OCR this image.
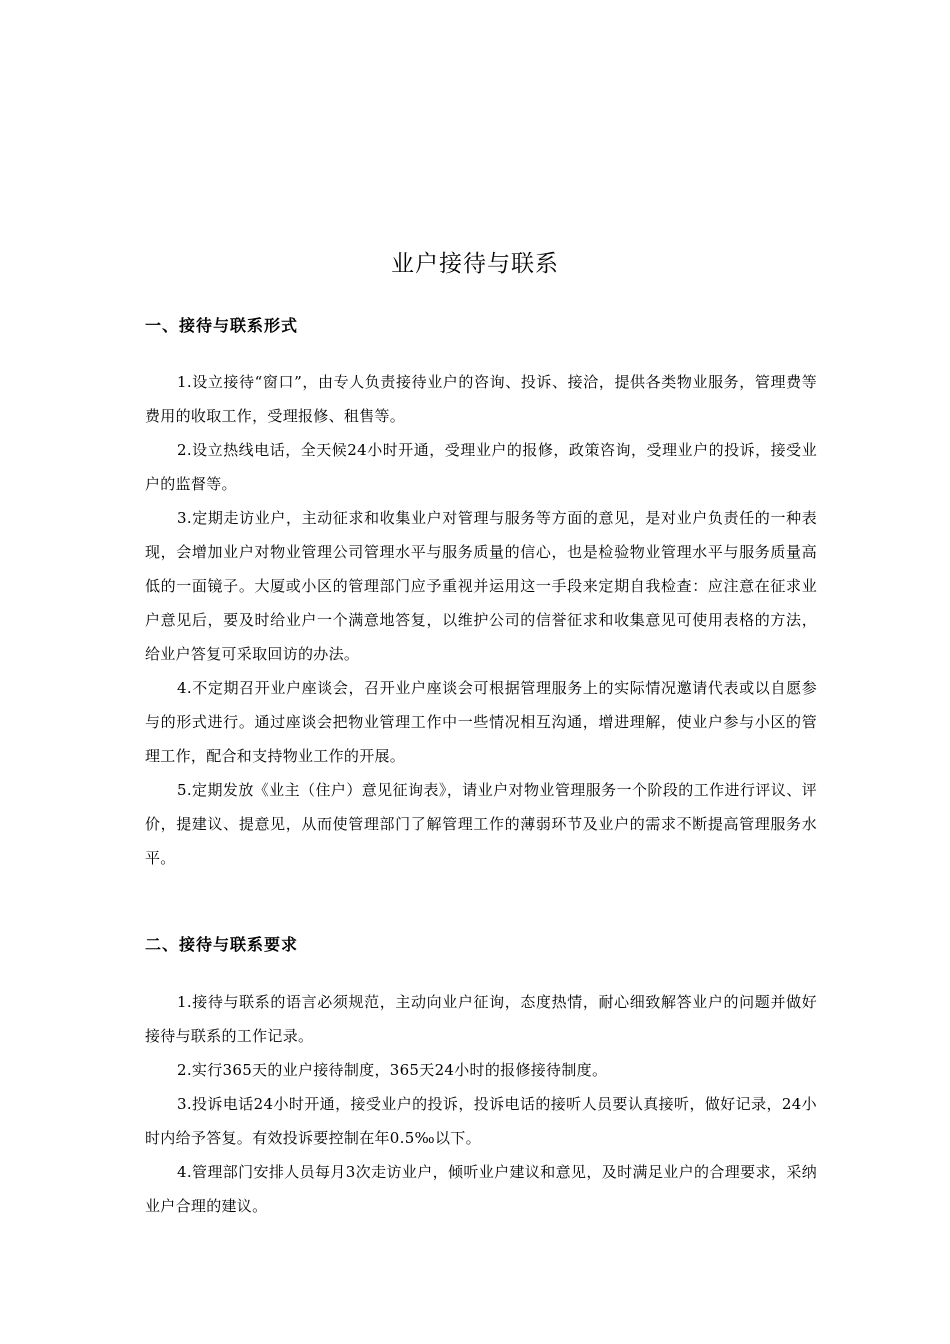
业户接待与联系
一、接待与联系形式

1.设立接待“窗口”，由专人负责接待业户的咨询、投诉、接洽，提供各类物业服务，管理费等费用的收取工作，受理报修、租售等。

2.设立热线电话，全天候24小时开通，受理业户的报修，政策咨询，受理业户的投诉，接受业户的监督等。

3.定期走访业户，主动征求和收集业户对管理与服务等方面的意见，是对业户负责任的一种表现，会增加业户对物业管理公司管理水平与服务质量的信心，也是检验物业管理水平与服务质量高低的一面镜子。大厦或小区的管理部门应予重视并运用这一手段来定期自我检查：应注意在征求业户意见后，要及时给业户一个满意地答复，以维护公司的信誉征求和收集意见可使用表格的方法，给业户答复可采取回访的办法。

4.不定期召开业户座谈会，召开业户座谈会可根据管理服务上的实际情况邀请代表或以自愿参与的形式进行。通过座谈会把物业管理工作中一些情况相互沟通，增进理解，使业户参与小区的管理工作，配合和支持物业工作的开展。

5.定期发放《业主（住户）意见征询表》，请业户对物业管理服务一个阶段的工作进行评议、评价，提建议、提意见，从而使管理部门了解管理工作的薄弱环节及业户的需求不断提高管理服务水平。

二、接待与联系要求

1.接待与联系的语言必须规范，主动向业户征询，态度热情，耐心细致解答业户的问题并做好接待与联系的工作记录。

2.实行365天的业户接待制度，365天24小时的报修接待制度。

3.投诉电话24小时开通，接受业户的投诉，投诉电话的接听人员要认真接听，做好记录，24小时内给予答复。有效投诉要控制在年0.5‰以下。

4.管理部门安排人员每月3次走访业户，倾听业户建议和意见，及时满足业户的合理要求，采纳业户合理的建议。
